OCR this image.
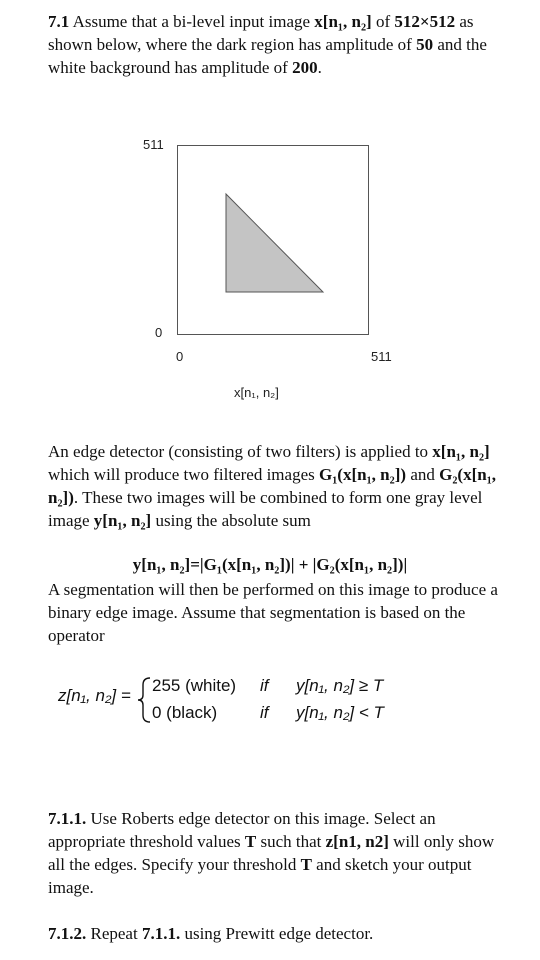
7.1 Assume that a bi-level input image x[n₁, n₂] of 512×512 as shown below, where the dark region has amplitude of 50 and the white background has amplitude of 200.
511
0
0	511
x[n₁, n₂]
An edge detector (consisting of two filters) is applied to x[n₁, n₂] which will produce two filtered images G₁(x[n₁, n₂]) and G₂(x[n₁, n₂]). These two images will be combined to form one gray level image y[n₁, n₂] using the absolute sum
y[n₁, n₂]=|G₁(x[n₁, n₂])| + |G₂(x[n₁, n₂])|
A segmentation will then be performed on this image to produce a binary edge image. Assume that segmentation is based on the operator
z[n₁, n₂] =
255 (white) if y[n₁, n₂] ≥ T
0 (black)	if y[n₁, n₂] < T
7.1.1. Use Roberts edge detector on this image. Select an appropriate threshold values T such that z[n1, n2] will only show all the edges. Specify your threshold T and sketch your output image.
7.1.2. Repeat 7.1.1. using Prewitt edge detector.
